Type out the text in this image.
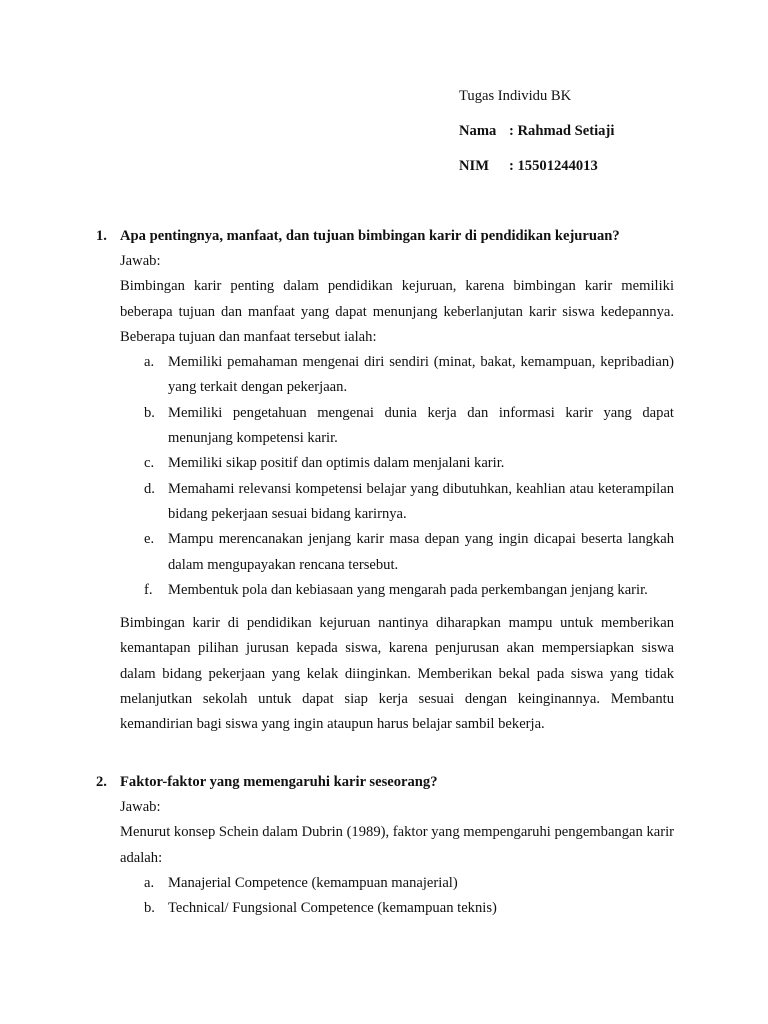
Tugas Individu BK
Nama : Rahmad Setiaji
NIM : 15501244013
1. Apa pentingnya, manfaat, dan tujuan bimbingan karir di pendidikan kejuruan?

Jawab:

Bimbingan karir penting dalam pendidikan kejuruan, karena bimbingan karir memiliki beberapa tujuan dan manfaat yang dapat menunjang keberlanjutan karir siswa kedepannya. Beberapa tujuan dan manfaat tersebut ialah:

a. Memiliki pemahaman mengenai diri sendiri (minat, bakat, kemampuan, kepribadian) yang terkait dengan pekerjaan.
b. Memiliki pengetahuan mengenai dunia kerja dan informasi karir yang dapat menunjang kompetensi karir.
c. Memiliki sikap positif dan optimis dalam menjalani karir.
d. Memahami relevansi kompetensi belajar yang dibutuhkan, keahlian atau keterampilan bidang pekerjaan sesuai bidang karirnya.
e. Mampu merencanakan jenjang karir masa depan yang ingin dicapai beserta langkah dalam mengupayakan rencana tersebut.
f.	Membentuk pola dan kebiasaan yang mengarah pada perkembangan jenjang karir.

Bimbingan karir di pendidikan kejuruan nantinya diharapkan mampu untuk memberikan kemantapan pilihan jurusan kepada siswa, karena penjurusan akan mempersiapkan siswa dalam bidang pekerjaan yang kelak diinginkan. Memberikan bekal pada siswa yang tidak melanjutkan sekolah untuk dapat siap kerja sesuai dengan keinginannya. Membantu kemandirian bagi siswa yang ingin ataupun harus belajar sambil bekerja.

2. Faktor-faktor yang memengaruhi karir seseorang?

Jawab:

Menurut konsep Schein dalam Dubrin (1989), faktor yang mempengaruhi pengembangan karir adalah:

a. Manajerial Competence (kemampuan manajerial)
b. Technical/ Fungsional Competence (kemampuan teknis)
